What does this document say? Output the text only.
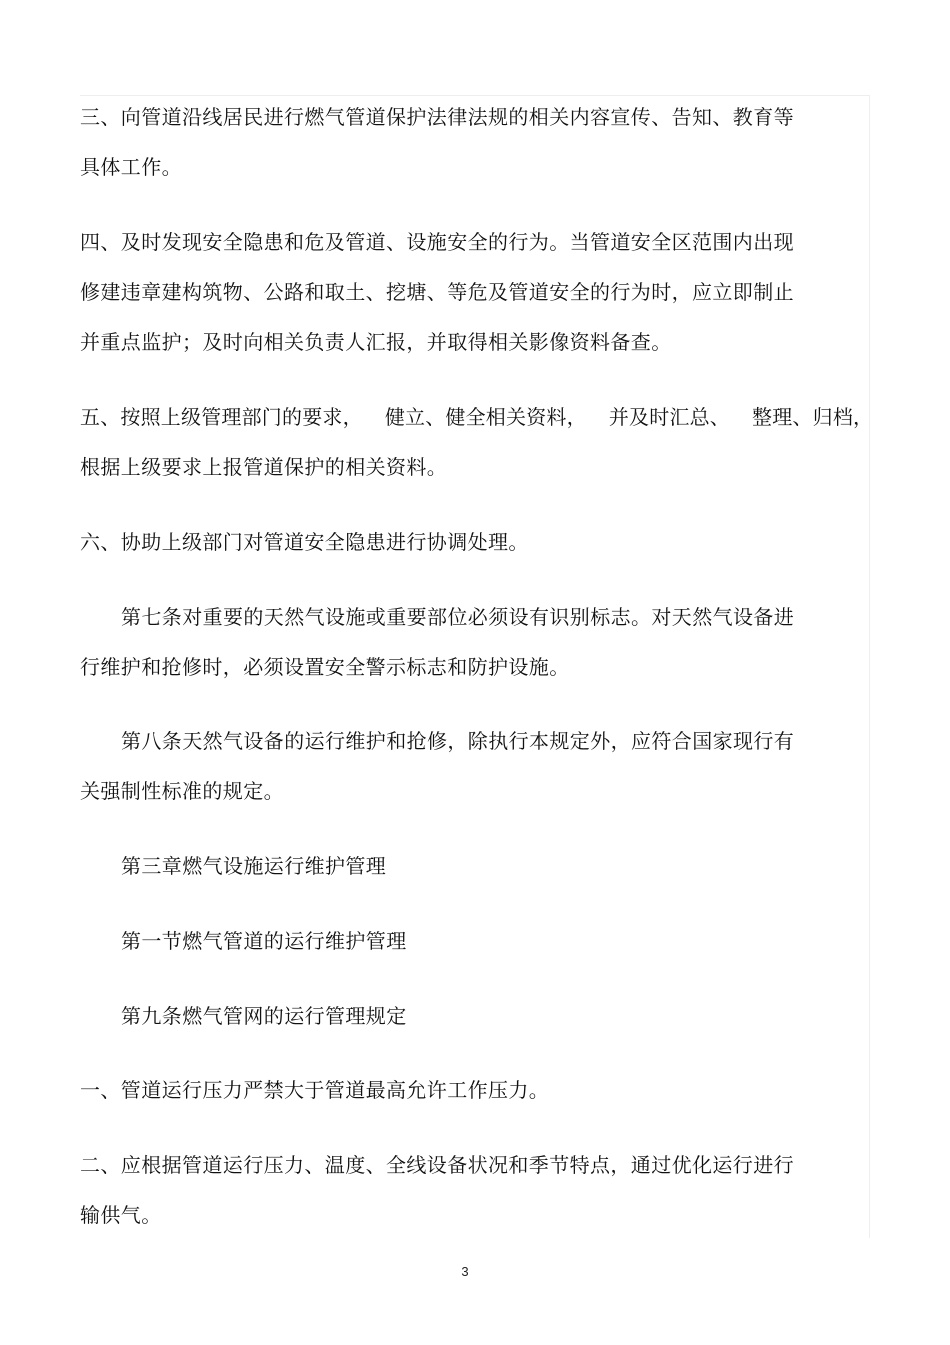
三、向管道沿线居民进行燃气管道保护法律法规的相关内容宣传、告知、教育等
具体工作。
四、及时发现安全隐患和危及管道、设施安全的行为。当管道安全区范围内出现
修建违章建构筑物、公路和取土、挖塘、等危及管道安全的行为时，应立即制止
并重点监护；及时向相关负责人汇报，并取得相关影像资料备查。
五、按照上级管理部门的要求， 健立、健全相关资料， 并及时汇总、 整理、归档，
根据上级要求上报管道保护的相关资料。
六、协助上级部门对管道安全隐患进行协调处理。
第七条对重要的天然气设施或重要部位必须设有识别标志。对天然气设备进
行维护和抢修时，必须设置安全警示标志和防护设施。
第八条天然气设备的运行维护和抢修，除执行本规定外，应符合国家现行有
关强制性标准的规定。
第三章燃气设施运行维护管理
第一节燃气管道的运行维护管理
第九条燃气管网的运行管理规定
一、管道运行压力严禁大于管道最高允许工作压力。
二、应根据管道运行压力、温度、全线设备状况和季节特点，通过优化运行进行
输供气。
3
